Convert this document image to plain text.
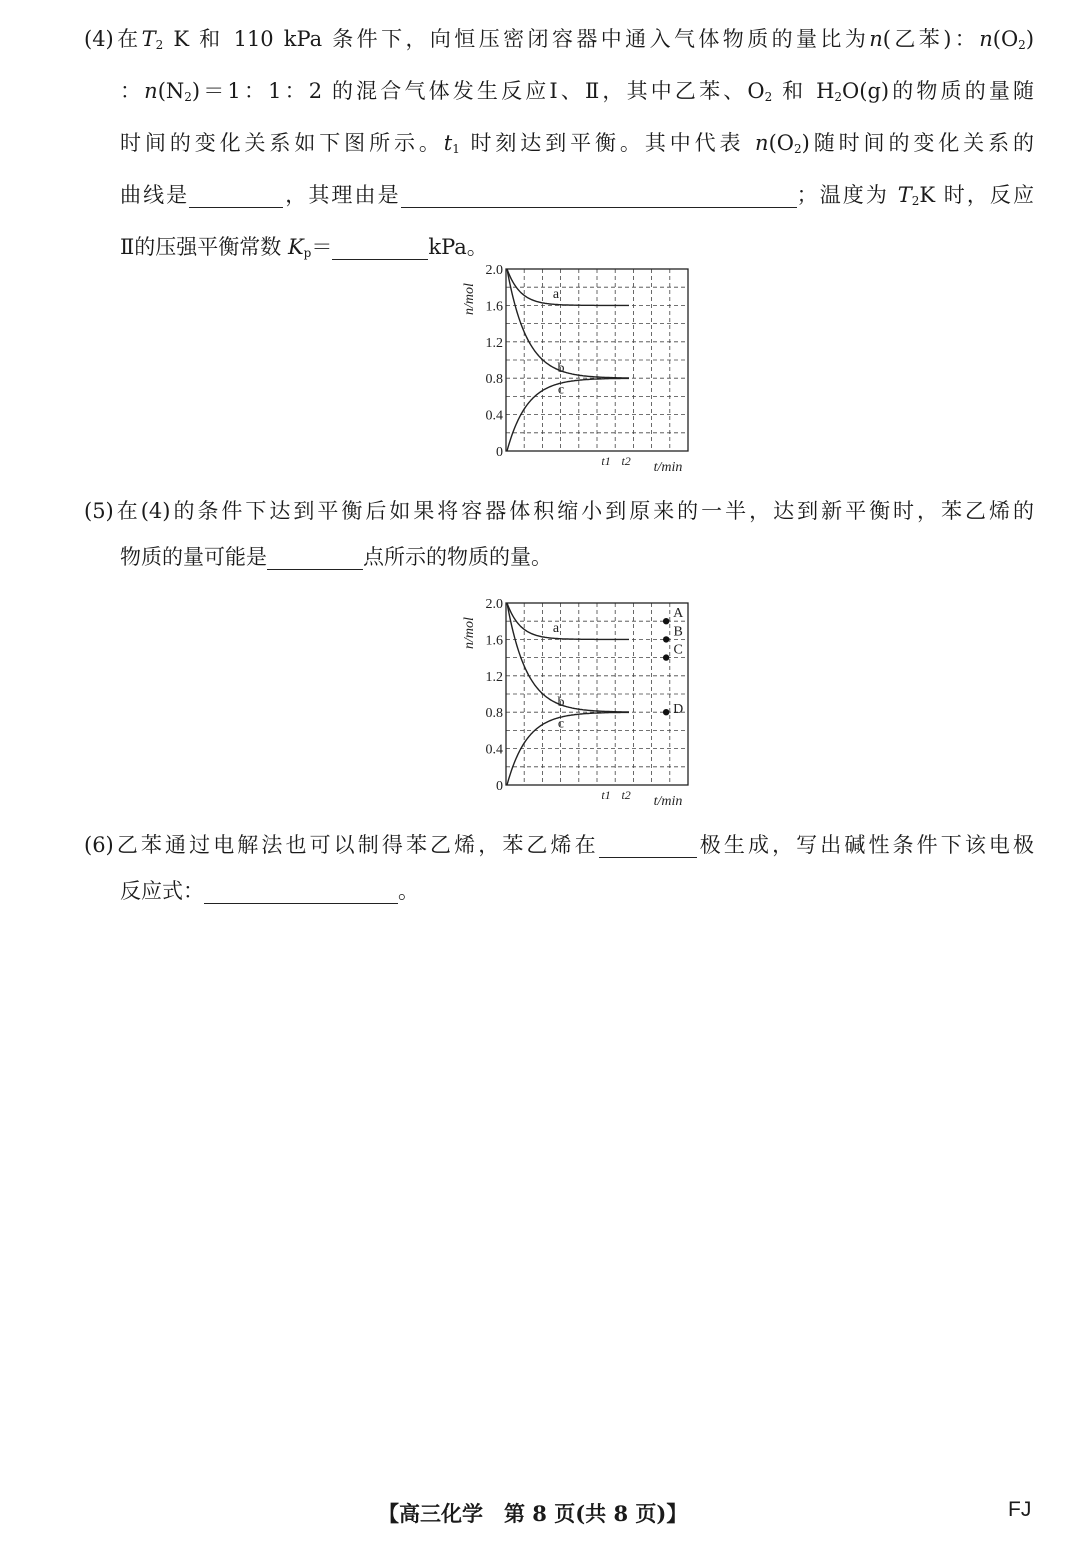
(4)在$T_2$ K 和 110 kPa 条件下，向恒压密闭容器中通入气体物质的量比为n(乙苯)：$n(O_2)$

：$n(N_2)=1$：1：2 的混合气体发生反应Ⅰ、Ⅱ，其中乙苯、$O_2$ 和 $H_2O(g)$的物质的量随

时间的变化关系如下图所示。$t_1$ 时刻达到平衡。其中代表 $n(O_2)$随时间的变化关系的

曲线是	，其理由是	；温度为 $T_2K$ 时，反应

Ⅱ的压强平衡常数 $K_p=$	kPa。

0
0.4
0.8
1.2
1.6
2.0
n/mol
t1 t2 t/min
a
b
c

(5)在(4)的条件下达到平衡后如果将容器体积缩小到原来的一半，达到新平衡时，苯乙烯的

物质的量可能是	点所示的物质的量。

0
0.4
0.8
1.2
1.6
2.0
n/mol
t1 t2 t/min
a
b
c
A
B
C
D

(6)乙苯通过电解法也可以制得苯乙烯，苯乙烯在	极生成，写出碱性条件下该电极

反应式：	。

【高三化学　第 8 页(共 8 页)】	FJ
